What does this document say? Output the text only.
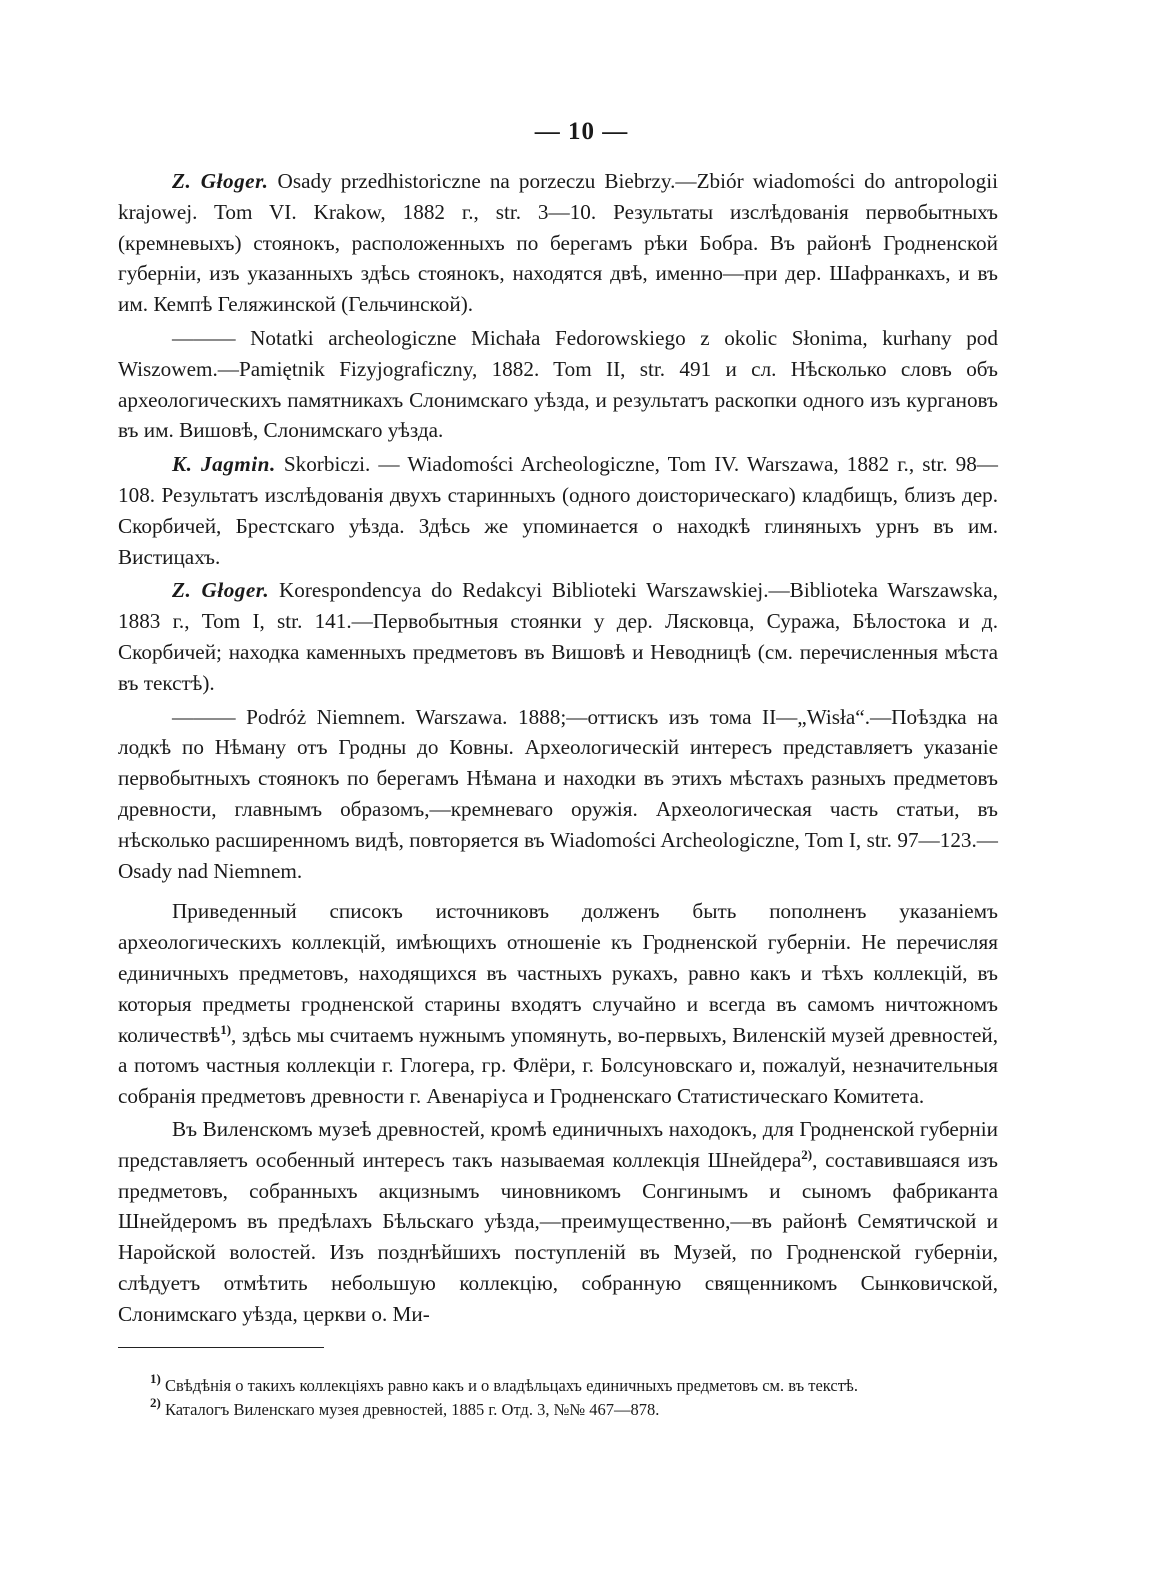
— 10 —

Z. Głoger. Osady przedhistoriczne na porzeczu Biebrzy.—Zbiór wiadomości do antropologii krajowej. Tom VI. Krakow, 1882 г., str. 3—10. Результаты изслѣдованія первобытныхъ (кремневыхъ) стоянокъ, расположенныхъ по берегамъ рѣки Бобра. Въ районѣ Гродненской губерніи, изъ указанныхъ здѣсь стоянокъ, находятся двѣ, именно—при дер. Шафранкахъ, и въ им. Кемпѣ Геляжинской (Гельчинской).

——— Notatki archeologiczne Michała Fedorowskiego z okolic Słonima, kurhany pod Wiszowem.—Pamiętnik Fizyjograficzny, 1882. Tom II, str. 491 и сл. Нѣсколько словъ объ археологическихъ памятникахъ Слонимскаго уѣзда, и результатъ раскопки одного изъ кургановъ въ им. Вишовѣ, Слонимскаго уѣзда.

K. Jagmin. Skorbiczi. — Wiadomości Archeologiczne, Tom IV. Warszawa, 1882 г., str. 98—108. Результатъ изслѣдованія двухъ старинныхъ (одного доисторическаго) кладбищъ, близъ дер. Скорбичей, Брестскаго уѣзда. Здѣсь же упоминается о находкѣ глиняныхъ урнъ въ им. Вистицахъ.

Z. Głoger. Korespondencya do Redakcyi Biblioteki Warszawskiej.—Biblioteka Warszawska, 1883 г., Tom I, str. 141.—Первобытныя стоянки у дер. Лясковца, Суража, Бѣлостока и д. Скорбичей; находка каменныхъ предметовъ въ Вишовѣ и Неводницѣ (см. перечисленныя мѣста въ текстѣ).

——— Podróż Niemnem. Warszawa. 1888;—оттискъ изъ тома II—„Wisła“.—Поѣздка на лодкѣ по Нѣману отъ Гродны до Ковны. Археологическій интересъ представляетъ указаніе первобытныхъ стоянокъ по берегамъ Нѣмана и находки въ этихъ мѣстахъ разныхъ предметовъ древности, главнымъ образомъ,—кремневаго оружія. Археологическая часть статьи, въ нѣсколько расширенномъ видѣ, повторяется въ Wiadomości Archeologiczne, Tom I, str. 97—123.—Osady nad Niemnem.

Приведенный списокъ источниковъ долженъ быть пополненъ указаніемъ археологическихъ коллекцій, имѣющихъ отношеніе къ Гродненской губерніи. Не перечисляя единичныхъ предметовъ, находящихся въ частныхъ рукахъ, равно какъ и тѣхъ коллекцій, въ которыя предметы гродненской старины входятъ случайно и всегда въ самомъ ничтожномъ количествѣ$^{1)}$, здѣсь мы считаемъ нужнымъ упомянуть, во-первыхъ, Виленскій музей древностей, а потомъ частныя коллекціи г. Глогера, гр. Флёри, г. Болсуновскаго и, пожалуй, незначительныя собранія предметовъ древности г. Авенаріуса и Гродненскаго Статистическаго Комитета.

Въ Виленскомъ музеѣ древностей, кромѣ единичныхъ находокъ, для Гродненской губерніи представляетъ особенный интересъ такъ называемая коллекція Шнейдера$^{2)}$, составившаяся изъ предметовъ, собранныхъ акцизнымъ чиновникомъ Сонгинымъ и сыномъ фабриканта Шнейдеромъ въ предѣлахъ Бѣльскаго уѣзда,—преимущественно,—въ районѣ Семятичской и Наройской волостей. Изъ позднѣйшихъ поступленій въ Музей, по Гродненской губерніи, слѣдуетъ отмѣтить небольшую коллекцію, собранную священникомъ Сынковичской, Слонимскаго уѣзда, церкви о. Ми-

$^{1)}$ Свѣдѣнія о такихъ коллекціяхъ равно какъ и о владѣльцахъ единичныхъ предметовъ см. въ текстѣ.

$^{2)}$ Каталогъ Виленскаго музея древностей, 1885 г. Отд. 3, №№ 467—878.
